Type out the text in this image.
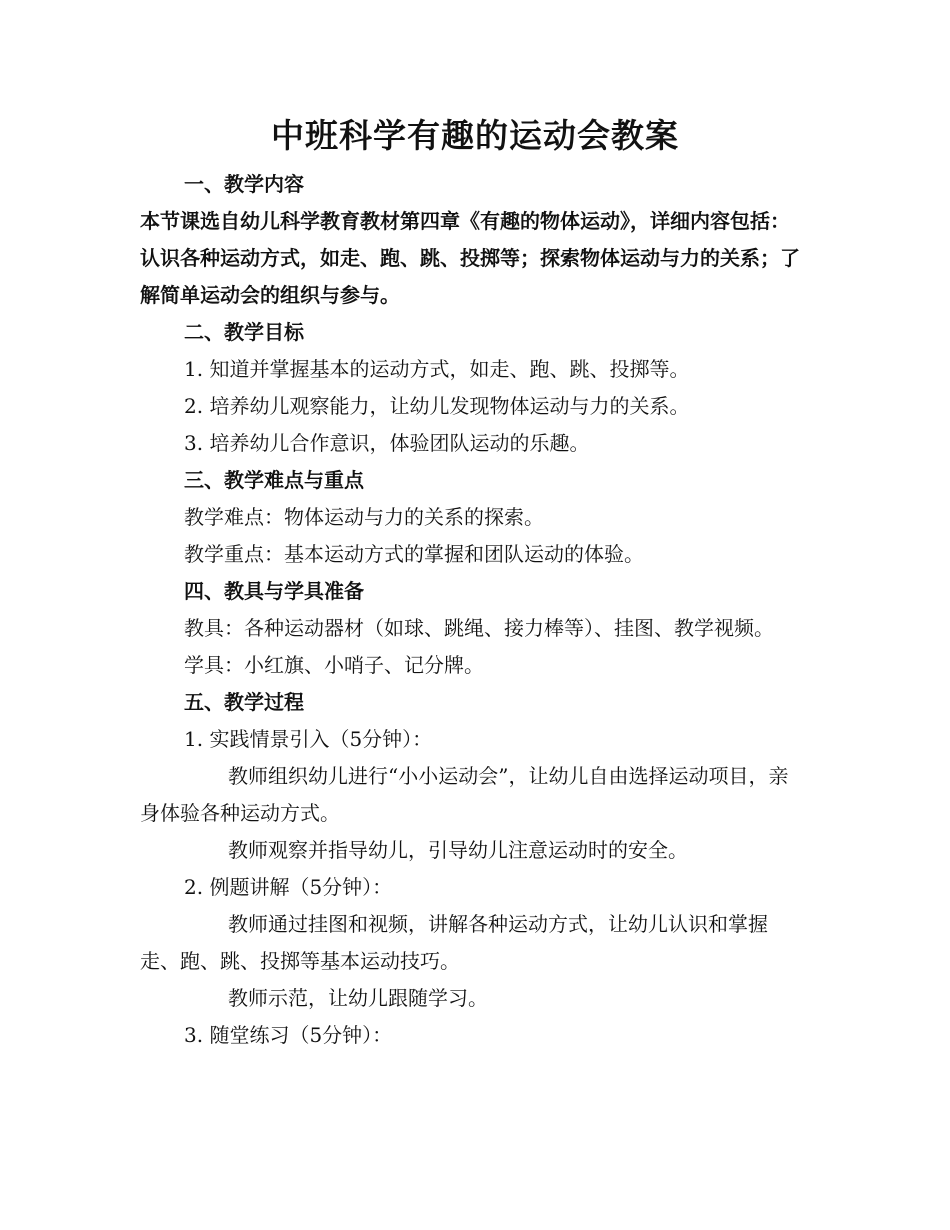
中班科学有趣的运动会教案

一、教学内容

本节课选自幼儿科学教育教材第四章《有趣的物体运动》，详细内容包括：认识各种运动方式，如走、跑、跳、投掷等；探索物体运动与力的关系；了解简单运动会的组织与参与。

二、教学目标

1. 知道并掌握基本的运动方式，如走、跑、跳、投掷等。

2. 培养幼儿观察能力，让幼儿发现物体运动与力的关系。

3. 培养幼儿合作意识，体验团队运动的乐趣。

三、教学难点与重点

教学难点：物体运动与力的关系的探索。

教学重点：基本运动方式的掌握和团队运动的体验。

四、教具与学具准备

教具：各种运动器材（如球、跳绳、接力棒等）、挂图、教学视频。

学具：小红旗、小哨子、记分牌。

五、教学过程

1. 实践情景引入（5分钟）：

教师组织幼儿进行“小小运动会”，让幼儿自由选择运动项目，亲身体验各种运动方式。

教师观察并指导幼儿，引导幼儿注意运动时的安全。

2. 例题讲解（5分钟）：

教师通过挂图和视频，讲解各种运动方式，让幼儿认识和掌握走、跑、跳、投掷等基本运动技巧。

教师示范，让幼儿跟随学习。

3. 随堂练习（5分钟）：
